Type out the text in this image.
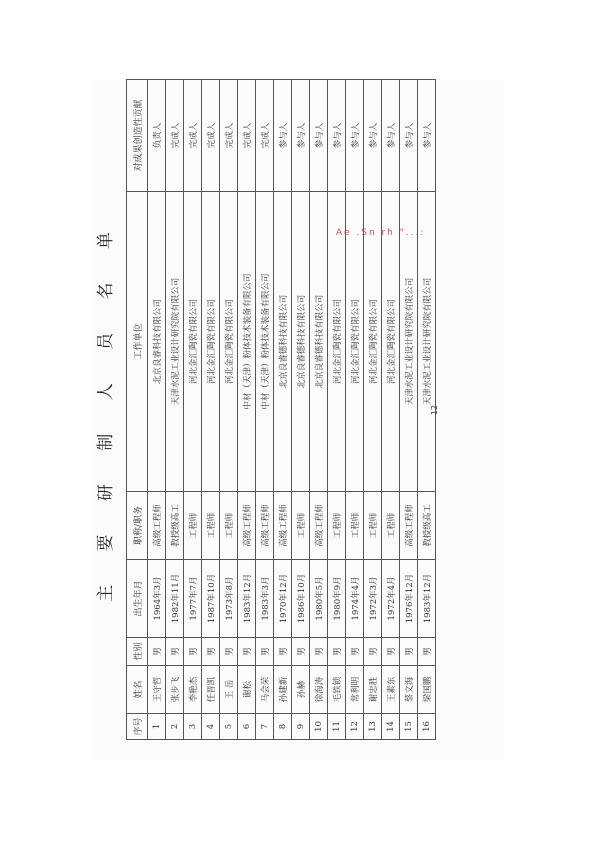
主 要 研 制 人 员 名 单
序号	姓名	性别	出生年月	职称/职务	工作单位	对成果创造性贡献
1	王守哲	男	1964年3月	高级工程师	北京良睿科技有限公司	负责人
2	张步飞	男	1982年11月	教授级高工	天津水泥工业设计研究院有限公司	完成人
3	李艳杰	男	1977年7月	工程师	河北金汇陶瓷有限公司	完成人
4	任晋凯	男	1987年10月	工程师	河北金汇陶瓷有限公司	完成人
5	王 岳	男	1973年8月	工程师	河北金汇陶瓷有限公司	完成人
6	谢松	男	1983年12月	高级工程师	中材（天津）粉体技术装备有限公司	完成人
7	马会荣	男	1983年3月	高级工程师	中材（天津）粉体技术装备有限公司	完成人
8	孙建新	男	1970年12月	高级工程师	北京良睿德科技有限公司	参与人
9	孙赫	男	1986年10月	工程师	北京良睿德科技有限公司	参与人
10	徐海涛	男	1980年5月	高级工程师	北京良睿德科技有限公司	参与人
11	毛铁锁	男	1980年9月	工程师	河北金汇陶瓷有限公司	参与人
12	常利明	男	1974年4月	工程师	河北金汇陶瓷有限公司	参与人
13	谢忠胜	男	1972年3月	工程师	河北金汇陶瓷有限公司	参与人
14	王素东	男	1972年4月	工程师	河北金汇陶瓷有限公司	参与人
15	蔡文海	男	1976年12月	高级工程师	天津水泥工业设计研究院有限公司	参与人
16	梁国鹏	男	1983年12月	教授级高工	天津水泥工业设计研究院有限公司	参与人
12
Ae .Sn rh "...:
